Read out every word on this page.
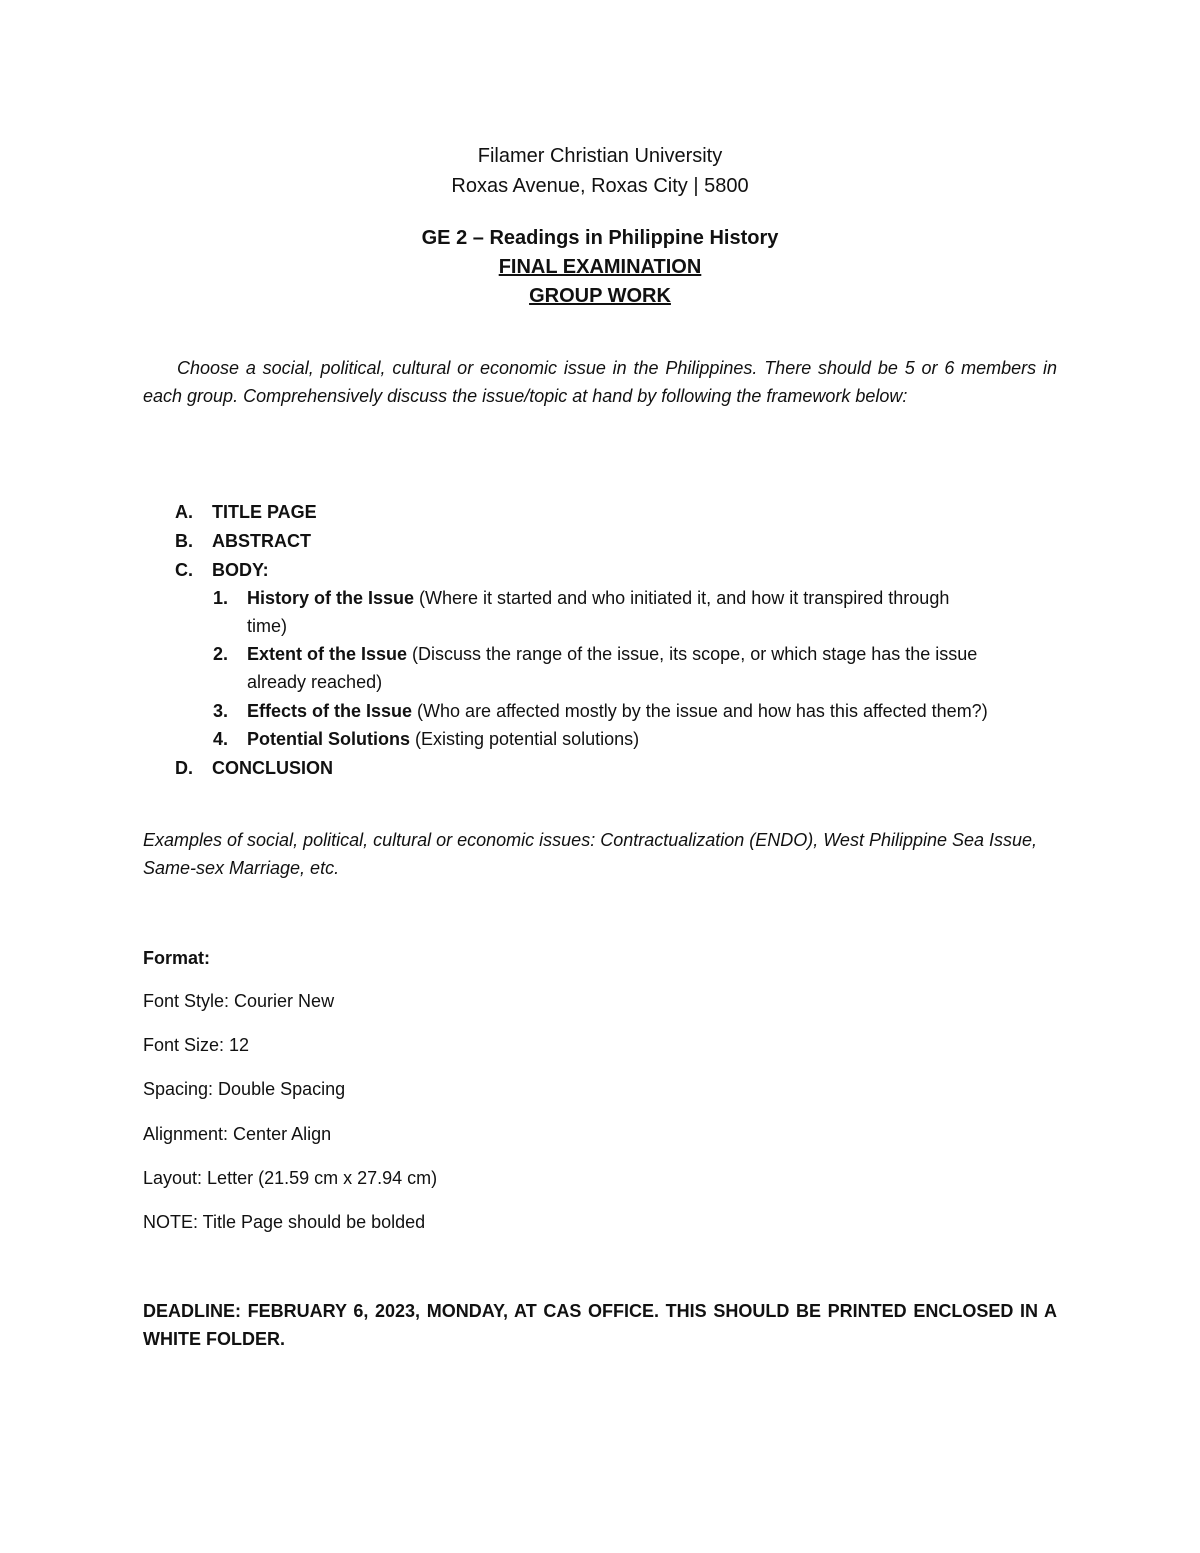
Filamer Christian University
Roxas Avenue, Roxas City | 5800
GE 2 – Readings in Philippine History
FINAL EXAMINATION
GROUP WORK
Choose a social, political, cultural or economic issue in the Philippines. There should be 5 or 6 members in each group. Comprehensively discuss the issue/topic at hand by following the framework below:
A.	TITLE PAGE
B.	ABSTRACT
C.	BODY:
1.	History of the Issue (Where it started and who initiated it, and how it transpired through
time)
2.	Extent of the Issue (Discuss the range of the issue, its scope, or which stage has the issue
already reached)
3.	Effects of the Issue (Who are affected mostly by the issue and how has this affected them?)
4.	Potential Solutions (Existing potential solutions)
D.	CONCLUSION
Examples of social, political, cultural or economic issues: Contractualization (ENDO), West Philippine Sea Issue, Same-sex Marriage, etc.
Format:
Font Style: Courier New
Font Size: 12
Spacing: Double Spacing
Alignment: Center Align
Layout: Letter (21.59 cm x 27.94 cm)
NOTE: Title Page should be bolded
DEADLINE: FEBRUARY 6, 2023, MONDAY, AT CAS OFFICE. THIS SHOULD BE PRINTED ENCLOSED IN A WHITE FOLDER.
